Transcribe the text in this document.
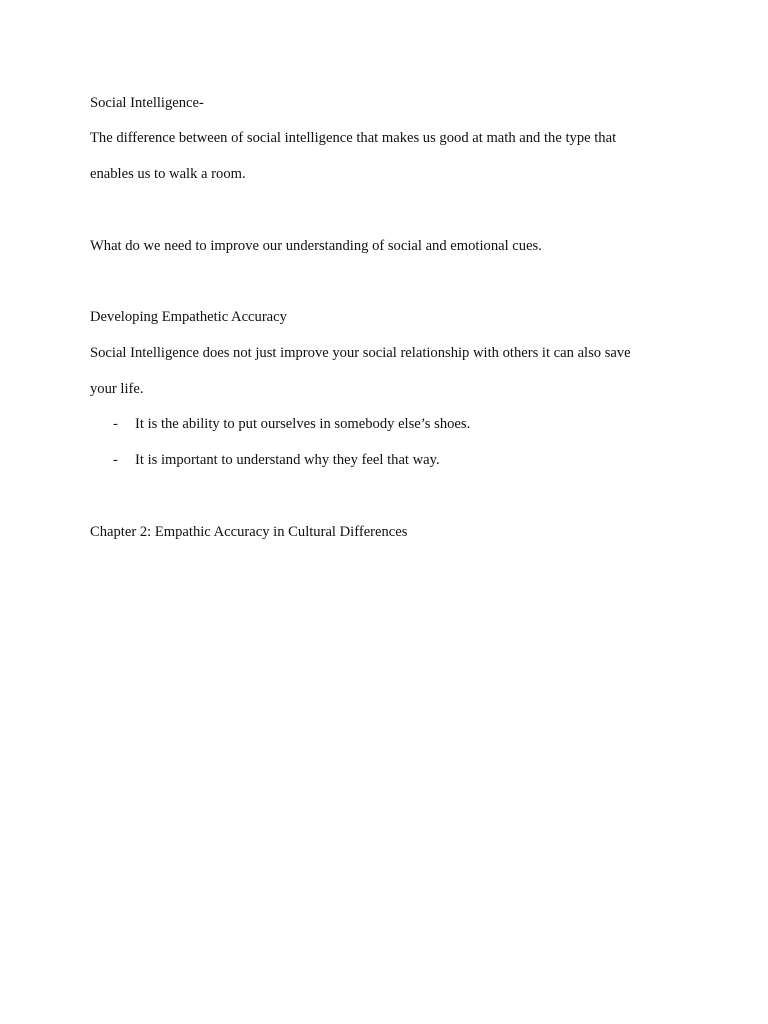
Social Intelligence-
The difference between of social intelligence that makes us good at math and the type that
enables us to walk a room.
What do we need to improve our understanding of social and emotional cues.
Developing Empathetic Accuracy
Social Intelligence does not just improve your social relationship with others it can also save
your life.
- It is the ability to put ourselves in somebody else’s shoes.
- It is important to understand why they feel that way.
Chapter 2: Empathic Accuracy in Cultural Differences
